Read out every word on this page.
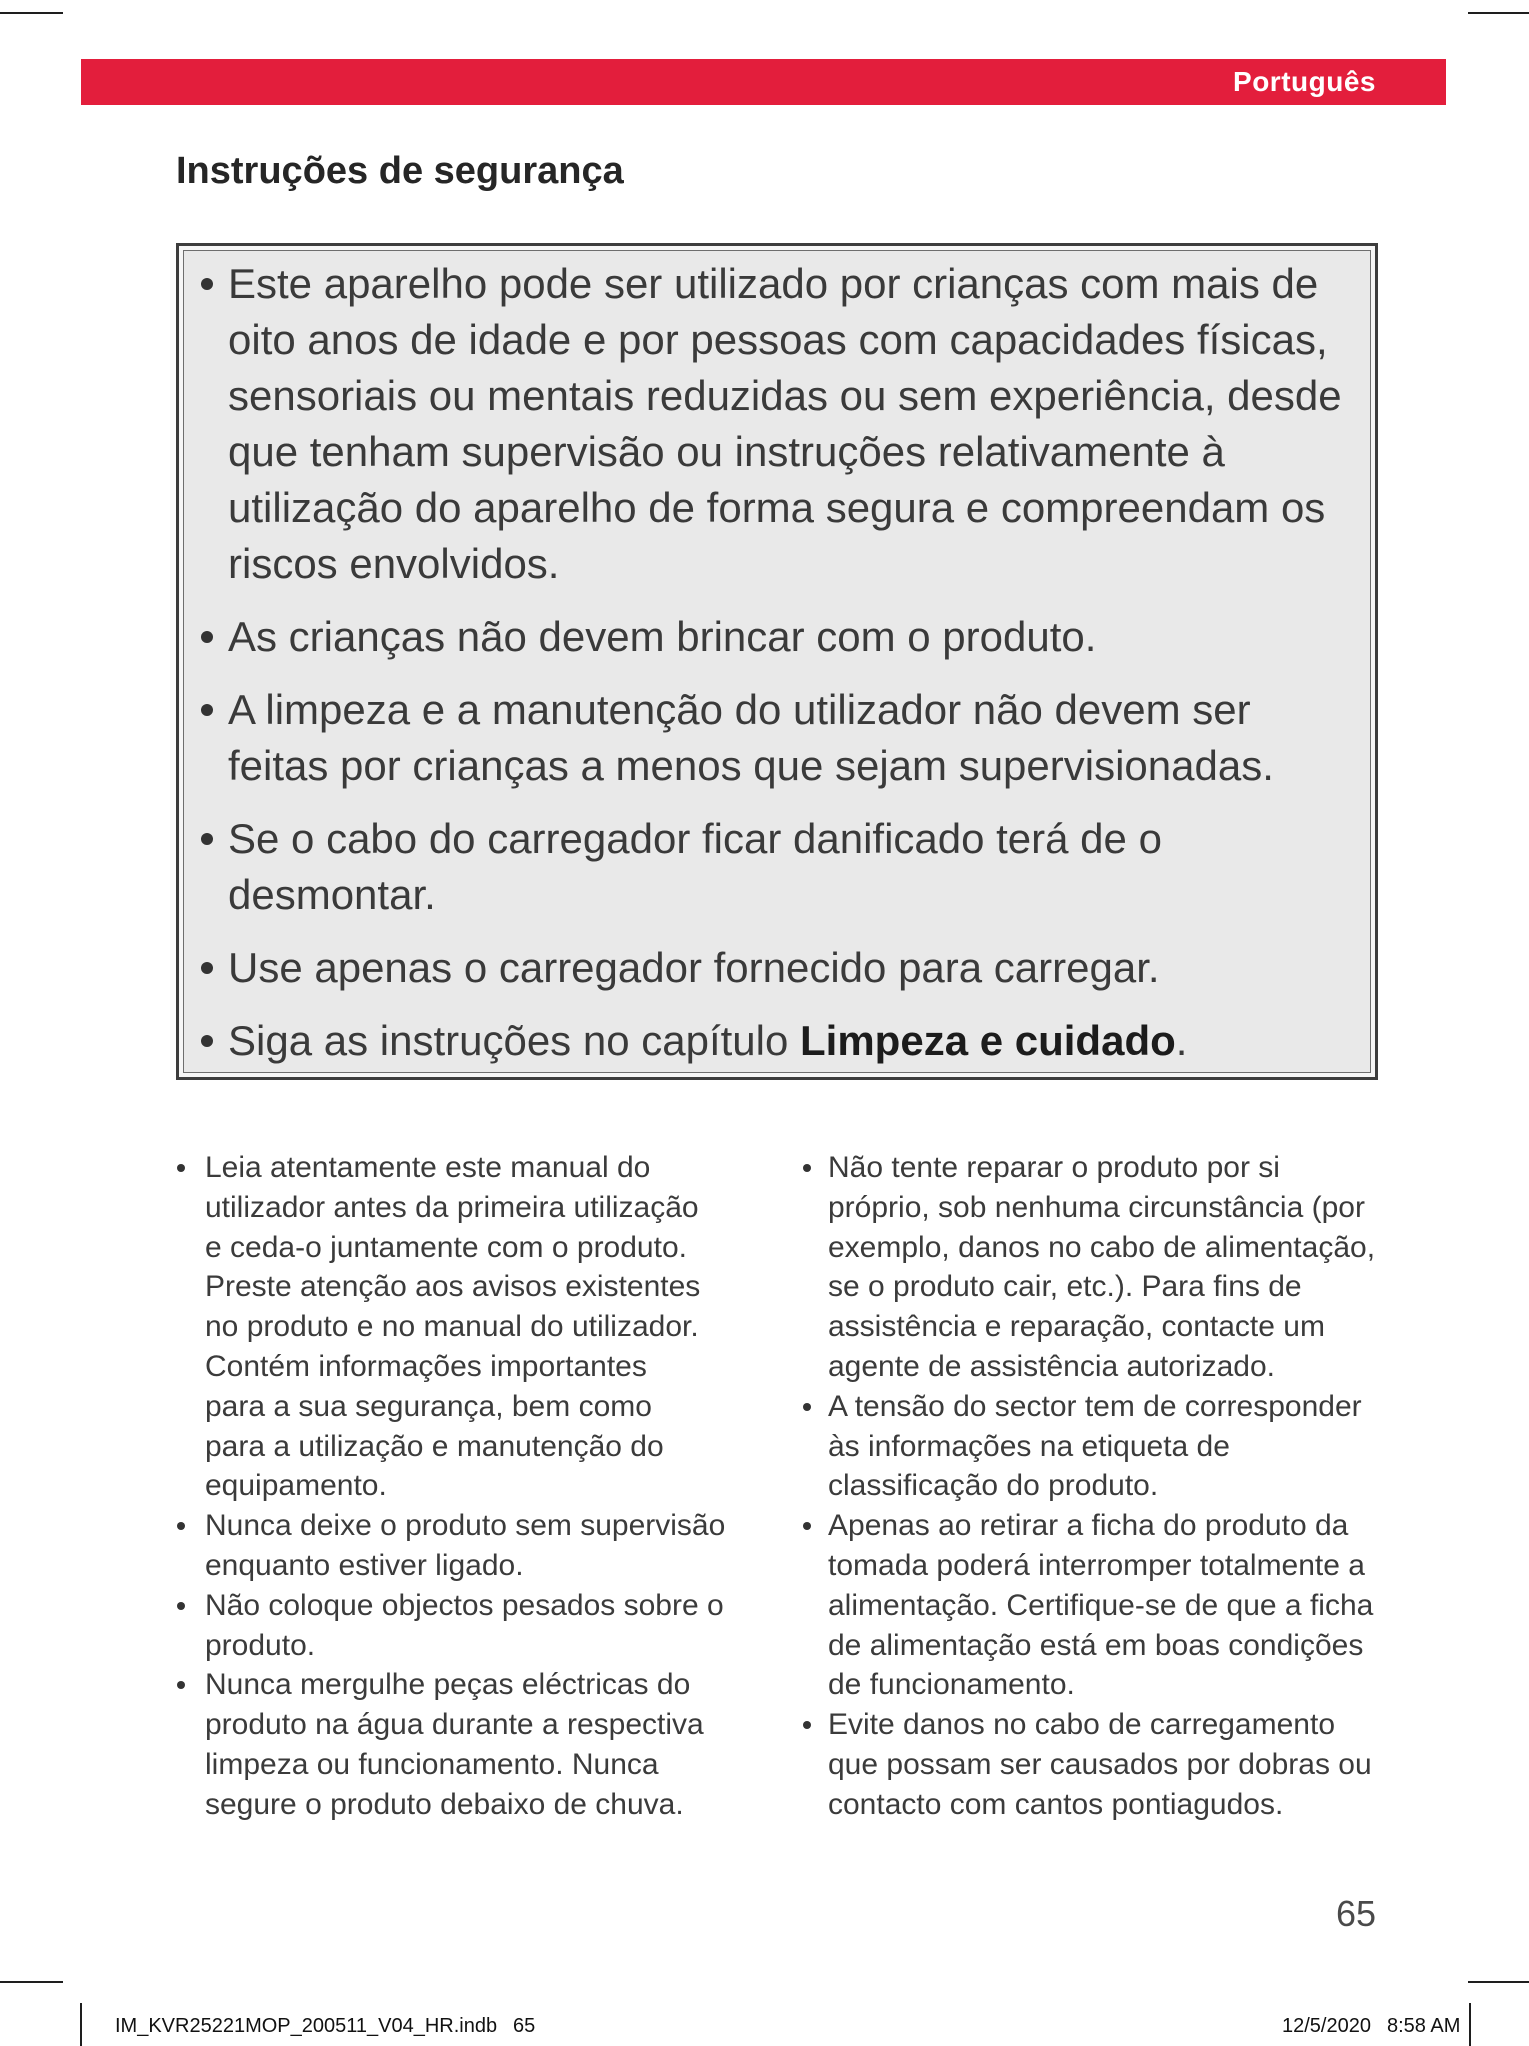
Português
Instruções de segurança
Este aparelho pode ser utilizado por crianças com mais de
oito anos de idade e por pessoas com capacidades físicas,
sensoriais ou mentais reduzidas ou sem experiência, desde
que tenham supervisão ou instruções relativamente à
utilização do aparelho de forma segura e compreendam os
riscos envolvidos.
As crianças não devem brincar com o produto.
A limpeza e a manutenção do utilizador não devem ser
feitas por crianças a menos que sejam supervisionadas.
Se o cabo do carregador ficar danificado terá de o
desmontar.
Use apenas o carregador fornecido para carregar.
Siga as instruções no capítulo Limpeza e cuidado.
Leia atentamente este manual do
utilizador antes da primeira utilização
e ceda-o juntamente com o produto.
Preste atenção aos avisos existentes
no produto e no manual do utilizador.
Contém informações importantes
para a sua segurança, bem como
para a utilização e manutenção do
equipamento.
Nunca deixe o produto sem supervisão
enquanto estiver ligado.
Não coloque objectos pesados sobre o
produto.
Nunca mergulhe peças eléctricas do
produto na água durante a respectiva
limpeza ou funcionamento. Nunca
segure o produto debaixo de chuva.
Não tente reparar o produto por si
próprio, sob nenhuma circunstância (por
exemplo, danos no cabo de alimentação,
se o produto cair, etc.). Para fins de
assistência e reparação, contacte um
agente de assistência autorizado.
A tensão do sector tem de corresponder
às informações na etiqueta de
classificação do produto.
Apenas ao retirar a ficha do produto da
tomada poderá interromper totalmente a
alimentação. Certifique-se de que a ficha
de alimentação está em boas condições
de funcionamento.
Evite danos no cabo de carregamento
que possam ser causados por dobras ou
contacto com cantos pontiagudos.
65
IM_KVR25221MOP_200511_V04_HR.indb 65	12/5/2020 8:58 AM
